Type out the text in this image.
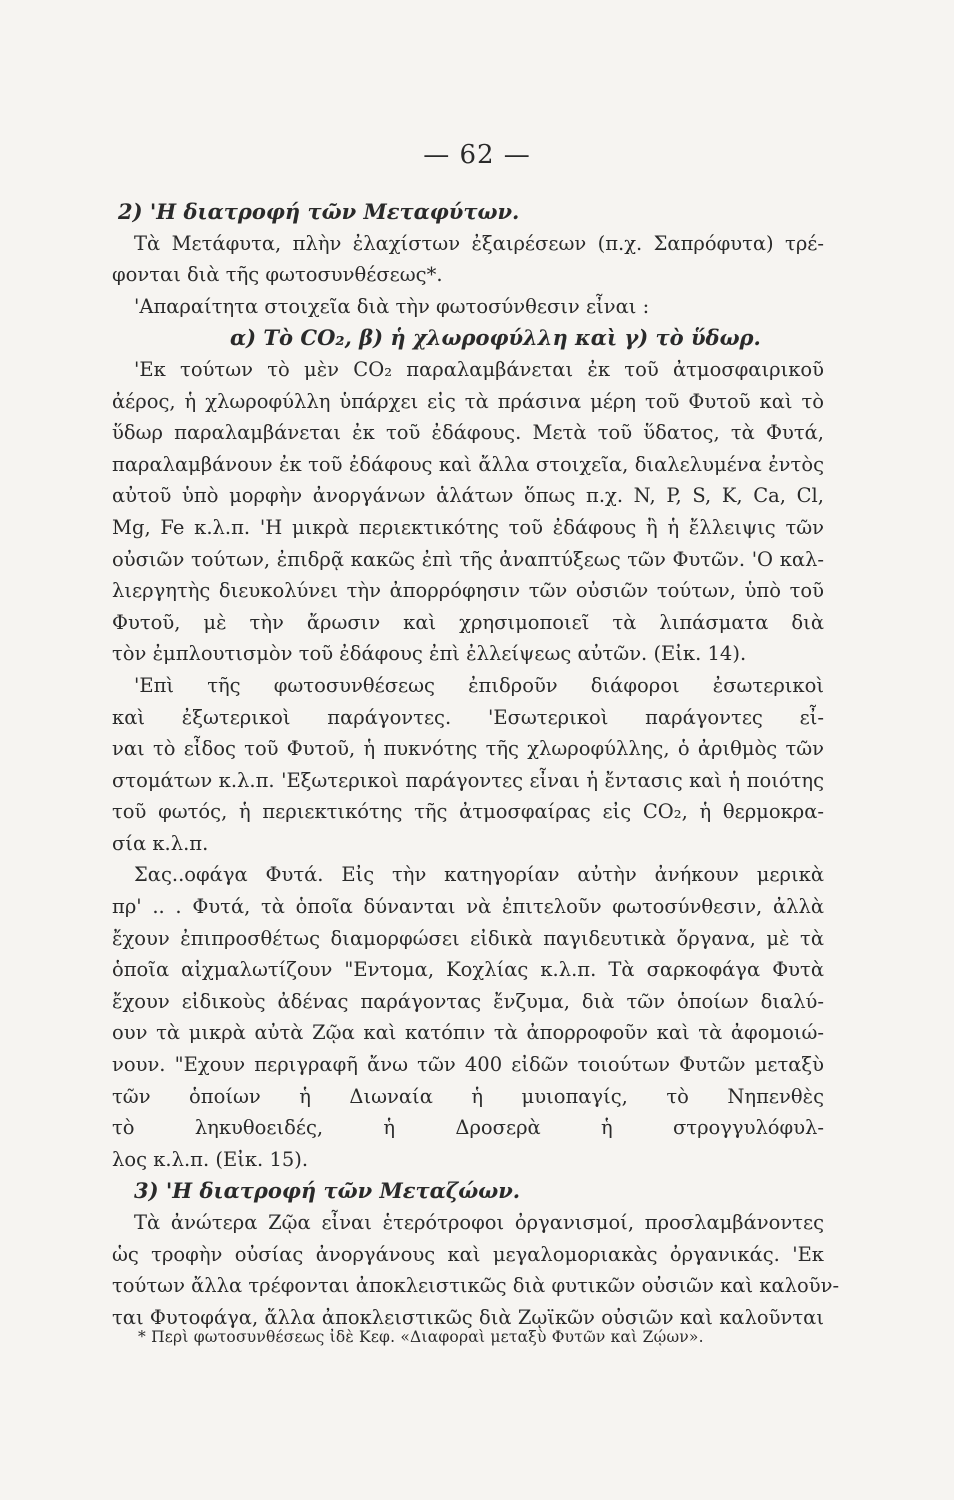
— 62 —
2) 'Η διατροφή τῶν Μεταφύτων.
Τὰ Μετάφυτα, πλὴν ἐλαχίστων ἐξαιρέσεων (π.χ. Σαπρόφυτα) τρέ-
φονται διὰ τῆς φωτοσυνθέσεως*.
'Απαραίτητα στοιχεῖα διὰ τὴν φωτοσύνθεσιν εἶναι :
α) Τὸ CO₂, β) ἡ χλωροφύλλη καὶ γ) τὸ ὕδωρ.
'Εκ τούτων τὸ μὲν CO₂ παραλαμβάνεται ἐκ τοῦ ἀτμοσφαιρικοῦ
ἀέρος, ἡ χλωροφύλλη ὑπάρχει εἰς τὰ πράσινα μέρη τοῦ Φυτοῦ καὶ τὸ
ὕδωρ παραλαμβάνεται ἐκ τοῦ ἐδάφους. Μετὰ τοῦ ὕδατος, τὰ Φυτά,
παραλαμβάνουν ἐκ τοῦ ἐδάφους καὶ ἄλλα στοιχεῖα, διαλελυμένα ἐντὸς
αὐτοῦ ὑπὸ μορφὴν ἀνοργάνων ἁλάτων ὅπως π.χ. N, P, S, K, Ca, Cl,
Mg, Fe κ.λ.π. 'Η μικρὰ περιεκτικότης τοῦ ἐδάφους ἢ ἡ ἔλλειψις τῶν
οὐσιῶν τούτων, ἐπιδρᾷ κακῶς ἐπὶ τῆς ἀναπτύξεως τῶν Φυτῶν. 'Ο καλ-
λιεργητὴς διευκολύνει τὴν ἀπορρόφησιν τῶν οὐσιῶν τούτων, ὑπὸ τοῦ
Φυτοῦ, μὲ τὴν ἄρωσιν καὶ χρησιμοποιεῖ τὰ λιπάσματα διὰ
τὸν ἐμπλουτισμὸν τοῦ ἐδάφους ἐπὶ ἐλλείψεως αὐτῶν. (Εἰκ. 14).
'Επὶ τῆς φωτοσυνθέσεως ἐπιδροῦν διάφοροι ἐσωτερικοὶ
καὶ ἐξωτερικοὶ παράγοντες. 'Εσωτερικοὶ παράγοντες εἶ-
ναι τὸ εἶδος τοῦ Φυτοῦ, ἡ πυκνότης τῆς χλωροφύλλης, ὁ ἀριθμὸς τῶν
στομάτων κ.λ.π. 'Εξωτερικοὶ παράγοντες εἶναι ἡ ἔντασις καὶ ἡ ποιότης
τοῦ φωτός, ἡ περιεκτικότης τῆς ἀτμοσφαίρας εἰς CO₂, ἡ θερμοκρα-
σία κ.λ.π.
Σας..οφάγα Φυτά. Εἰς τὴν κατηγορίαν αὐτὴν ἀνήκουν μερικὰ
πρ' .. . Φυτά, τὰ ὁποῖα δύνανται νὰ ἐπιτελοῦν φωτοσύνθεσιν, ἀλλὰ
ἔχουν ἐπιπροσθέτως διαμορφώσει εἰδικὰ παγιδευτικὰ ὄργανα, μὲ τὰ
ὁποῖα αἰχμαλωτίζουν "Εντομα, Κοχλίας κ.λ.π. Τὰ σαρκοφάγα Φυτὰ
ἔχουν εἰδικοὺς ἀδένας παράγοντας ἔνζυμα, διὰ τῶν ὁποίων διαλύ-
ουν τὰ μικρὰ αὐτὰ Ζῷα καὶ κατόπιν τὰ ἀπορροφοῦν καὶ τὰ ἀφομοιώ-
νουν. "Εχουν περιγραφῆ ἄνω τῶν 400 εἰδῶν τοιούτων Φυτῶν μεταξὺ
τῶν ὁποίων ἡ Διωναία ἡ μυιοπαγίς, τὸ Νηπενθὲς
τὸ ληκυθοειδές, ἡ Δροσερὰ ἡ στρογγυλόφυλ-
λος κ.λ.π. (Εἰκ. 15).
3) 'Η διατροφή τῶν Μεταζώων.
Τὰ ἀνώτερα Ζῷα εἶναι ἑτερότροφοι ὀργανισμοί, προσλαμβάνοντες
ὡς τροφὴν οὐσίας ἀνοργάνους καὶ μεγαλομοριακὰς ὀργανικάς. 'Εκ
τούτων ἄλλα τρέφονται ἀποκλειστικῶς διὰ φυτικῶν οὐσιῶν καὶ καλοῦν-
ται Φυτοφάγα, ἄλλα ἀποκλειστικῶς διὰ Ζῳϊκῶν οὐσιῶν καὶ καλοῦνται
* Περὶ φωτοσυνθέσεως ἰδὲ Κεφ. «Διαφοραὶ μεταξὺ Φυτῶν καὶ Ζῴων».
